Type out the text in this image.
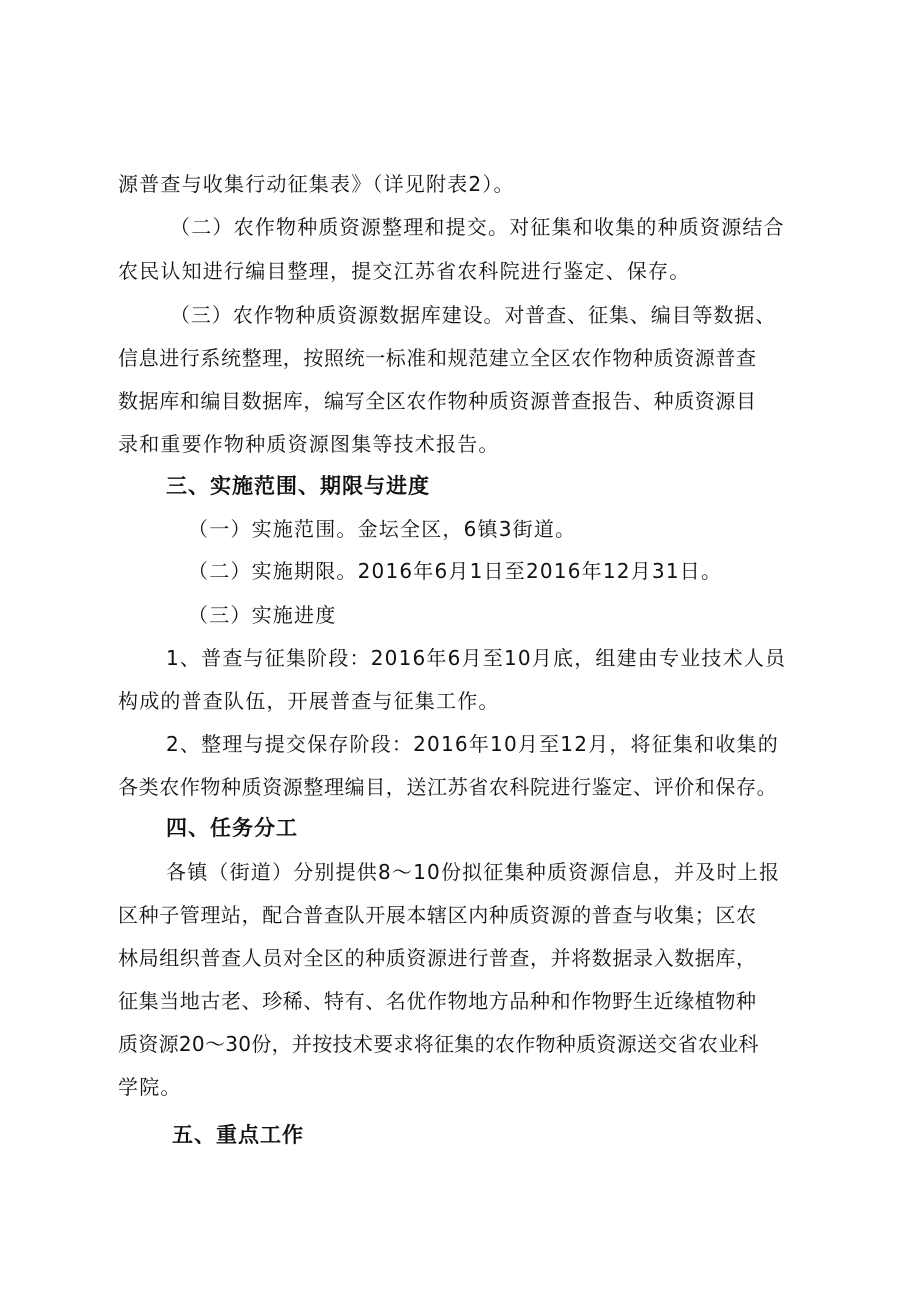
源普查与收集行动征集表》（详见附表2）。
（二）农作物种质资源整理和提交。对征集和收集的种质资源结合
农民认知进行编目整理，提交江苏省农科院进行鉴定、保存。
（三）农作物种质资源数据库建设。对普查、征集、编目等数据、
信息进行系统整理，按照统一标准和规范建立全区农作物种质资源普查
数据库和编目数据库，编写全区农作物种质资源普查报告、种质资源目
录和重要作物种质资源图集等技术报告。
三、实施范围、期限与进度
（一）实施范围。金坛全区，6镇3街道。
（二）实施期限。2016年6月1日至2016年12月31日。
（三）实施进度
1、普查与征集阶段：2016年6月至10月底，组建由专业技术人员
构成的普查队伍，开展普查与征集工作。
2、整理与提交保存阶段：2016年10月至12月，将征集和收集的
各类农作物种质资源整理编目，送江苏省农科院进行鉴定、评价和保存。
四、任务分工
各镇（街道）分别提供8～10份拟征集种质资源信息，并及时上报
区种子管理站，配合普查队开展本辖区内种质资源的普查与收集；区农
林局组织普查人员对全区的种质资源进行普查，并将数据录入数据库，
征集当地古老、珍稀、特有、名优作物地方品种和作物野生近缘植物种
质资源20～30份，并按技术要求将征集的农作物种质资源送交省农业科
学院。
五、重点工作
